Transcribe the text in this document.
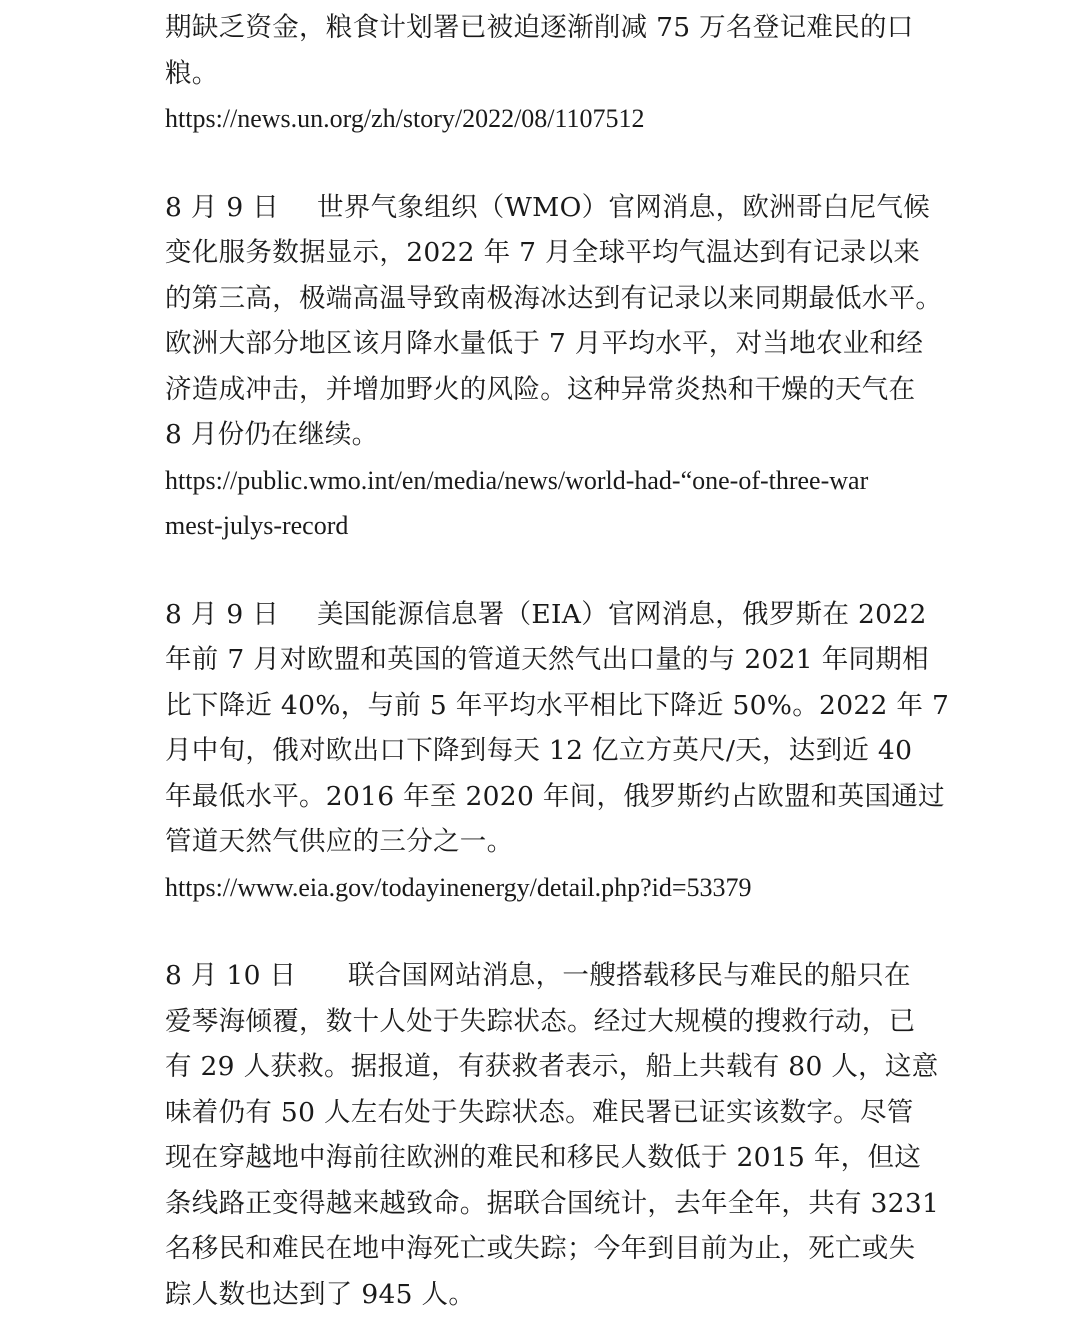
期缺乏资金，粮食计划署已被迫逐渐削减 75 万名登记难民的口
粮。
https://news.un.org/zh/story/2022/08/1107512
8 月 9 日 世界气象组织（WMO）官网消息，欧洲哥白尼气候
变化服务数据显示，2022 年 7 月全球平均气温达到有记录以来
的第三高，极端高温导致南极海冰达到有记录以来同期最低水平。
欧洲大部分地区该月降水量低于 7 月平均水平，对当地农业和经
济造成冲击，并增加野火的风险。这种异常炎热和干燥的天气在
8 月份仍在继续。
https://public.wmo.int/en/media/news/world-had-“one-of-three-war
mest-julys-record
8 月 9 日 美国能源信息署（EIA）官网消息，俄罗斯在 2022
年前 7 月对欧盟和英国的管道天然气出口量的与 2021 年同期相
比下降近 40%，与前 5 年平均水平相比下降近 50%。2022 年 7
月中旬，俄对欧出口下降到每天 12 亿立方英尺/天，达到近 40
年最低水平。2016 年至 2020 年间，俄罗斯约占欧盟和英国通过
管道天然气供应的三分之一。
https://www.eia.gov/todayinenergy/detail.php?id=53379
8 月 10 日 联合国网站消息，一艘搭载移民与难民的船只在
爱琴海倾覆，数十人处于失踪状态。经过大规模的搜救行动，已
有 29 人获救。据报道，有获救者表示，船上共载有 80 人，这意
味着仍有 50 人左右处于失踪状态。难民署已证实该数字。尽管
现在穿越地中海前往欧洲的难民和移民人数低于 2015 年，但这
条线路正变得越来越致命。据联合国统计，去年全年，共有 3231
名移民和难民在地中海死亡或失踪；今年到目前为止，死亡或失
踪人数也达到了 945 人。
